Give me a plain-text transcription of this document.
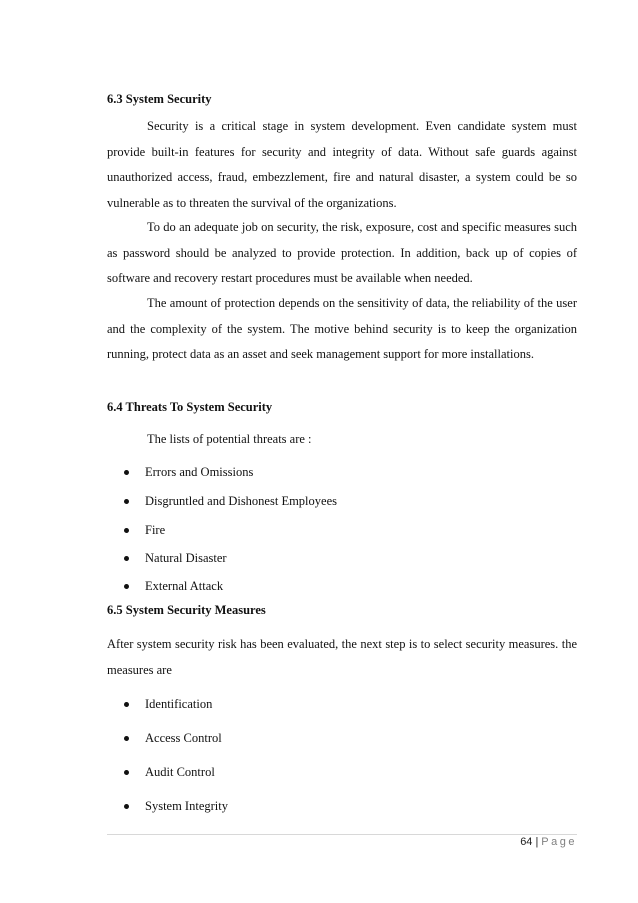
6.3 System Security

Security is a critical stage in system development. Even candidate system must provide built-in features for security and integrity of data. Without safe guards against unauthorized access, fraud, embezzlement, fire and natural disaster, a system could be so vulnerable as to threaten the survival of the organizations.

To do an adequate job on security, the risk, exposure, cost and specific measures such as password should be analyzed to provide protection. In addition, back up of copies of software and recovery restart procedures must be available when needed.

The amount of protection depends on the sensitivity of data, the reliability of the user and the complexity of the system. The motive behind security is to keep the organization running, protect data as an asset and seek management support for more installations.

6.4 Threats To System Security
The lists of potential threats are :
Errors and Omissions
Disgruntled and Dishonest Employees
Fire
Natural Disaster
External Attack
6.5 System Security Measures

After system security risk has been evaluated, the next step is to select security measures. the measures are

Identification
Access Control
Audit Control
System Integrity
64 | Page
